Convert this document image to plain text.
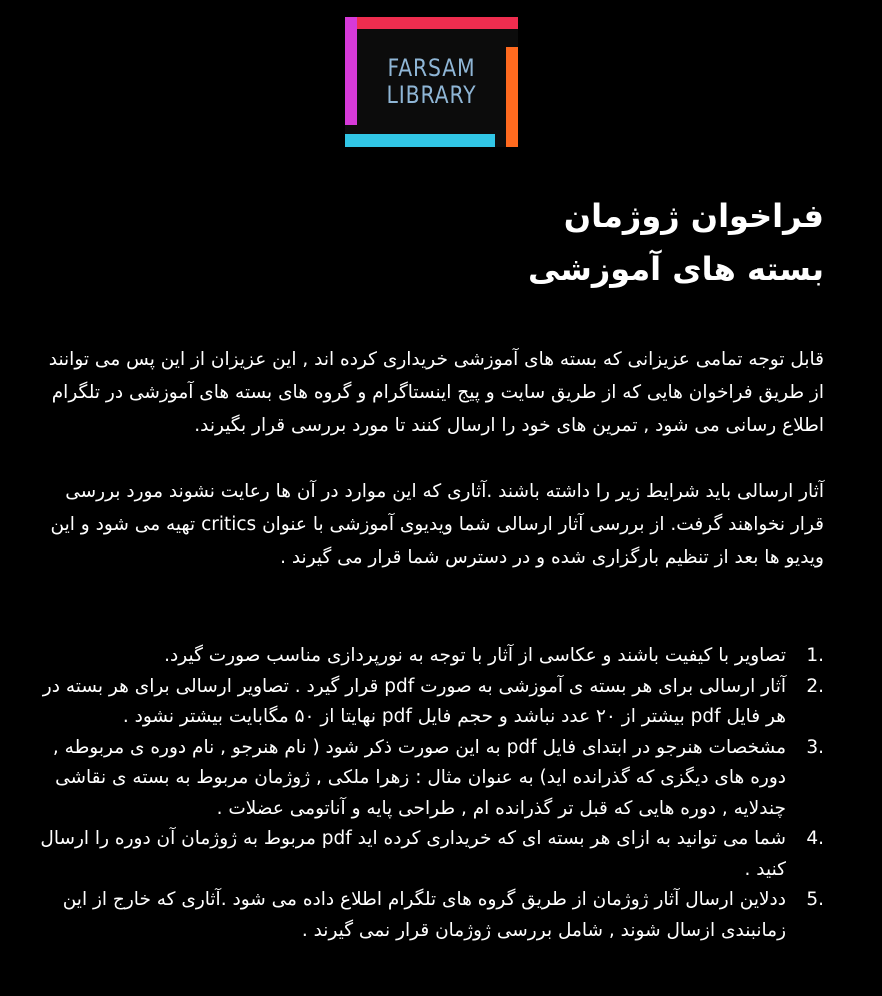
FARSAM
LIBRARY
فراخوان ژوژمان
بسته های آموزشی

قابل توجه تمامی عزیزانی که بسته های آموزشی خریداری کرده اند , این عزیزان از این پس می توانند از طریق فراخوان هایی که از طریق سایت و پیج اینستاگرام و گروه های بسته های آموزشی در تلگرام اطلاع رسانی می شود , تمرین های خود را ارسال کنند تا مورد بررسی قرار بگیرند.

آثار ارسالی باید شرایط زیر را داشته باشند .آثاری که این موارد در آن ها رعایت نشوند مورد بررسی قرار نخواهند گرفت. از بررسی آثار ارسالی شما ویدیوی آموزشی با عنوان critics تهیه می شود و این ویدیو ها بعد از تنظیم بارگزاری شده و در دسترس شما قرار می گیرند .

1.
تصاویر با کیفیت باشند و عکاسی از آثار با توجه به نورپردازی مناسب صورت گیرد.
2.
آثار ارسالی برای هر بسته ی آموزشی به صورت pdf قرار گیرد . تصاویر ارسالی برای هر بسته در هر فایل pdf بیشتر از ۲۰ عدد نباشد و حجم فایل pdf نهایتا از ۵۰ مگابایت بیشتر نشود .
3.
مشخصات هنرجو در ابتدای فایل pdf به این صورت ذکر شود ( نام هنرجو , نام دوره ی مربوطه , دوره های دیگزی که گذرانده اید) به عنوان مثال : زهرا ملکی , ژوژمان مربوط به بسته ی نقاشی چندلایه , دوره هایی که قبل تر گذرانده ام , طراحی پایه و آناتومی عضلات .
4.
شما می توانید به ازای هر بسته ای که خریداری کرده اید pdf مربوط به ژوژمان آن دوره را ارسال کنید .
5.
ددلاین ارسال آثار ژوژمان از طریق گروه های تلگرام اطلاع داده می شود .آثاری که خارج از این زمانبندی ازسال شوند , شامل بررسی ژوژمان قرار نمی گیرند .
